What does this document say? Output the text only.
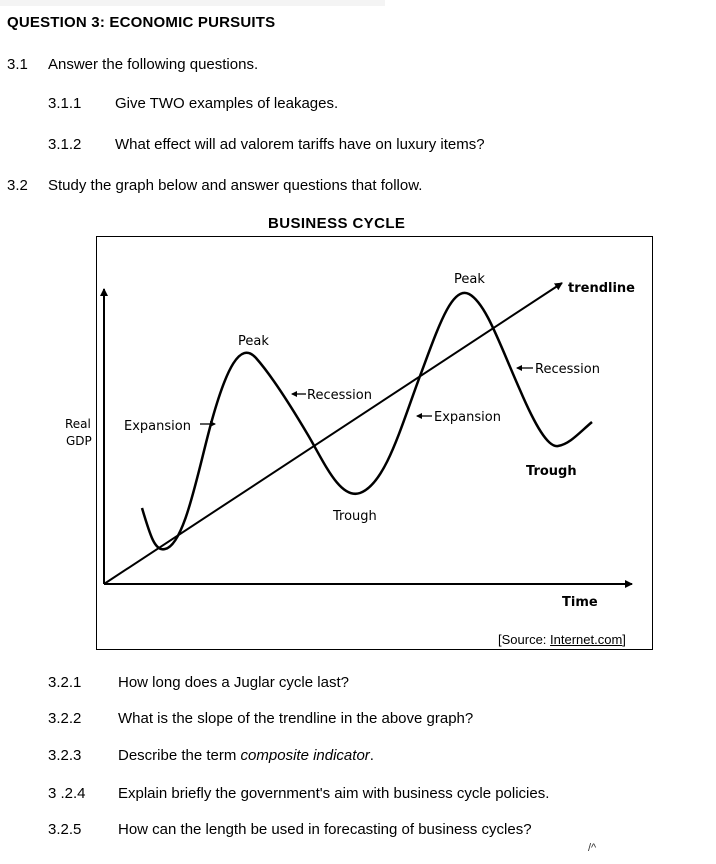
QUESTION 3: ECONOMIC PURSUITS
3.1 Answer the following questions.
3.1.1 Give TWO examples of leakages.
3.1.2 What effect will ad valorem tariffs have on luxury items?
3.2 Study the graph below and answer questions that follow.
BUSINESS CYCLE
Real
GDP
Expansion
Peak
Recession
Trough
Expansion
Peak
trendline
Recession
Trough
Time
[Source: Internet.com]
3.2.1 How long does a Juglar cycle last?
3.2.2 What is the slope of the trendline in the above graph?
3.2.3 Describe the term composite indicator.
3 .2.4 Explain briefly the government's aim with business cycle policies.
3.2.5 How can the length be used in forecasting of business cycles?
/^
